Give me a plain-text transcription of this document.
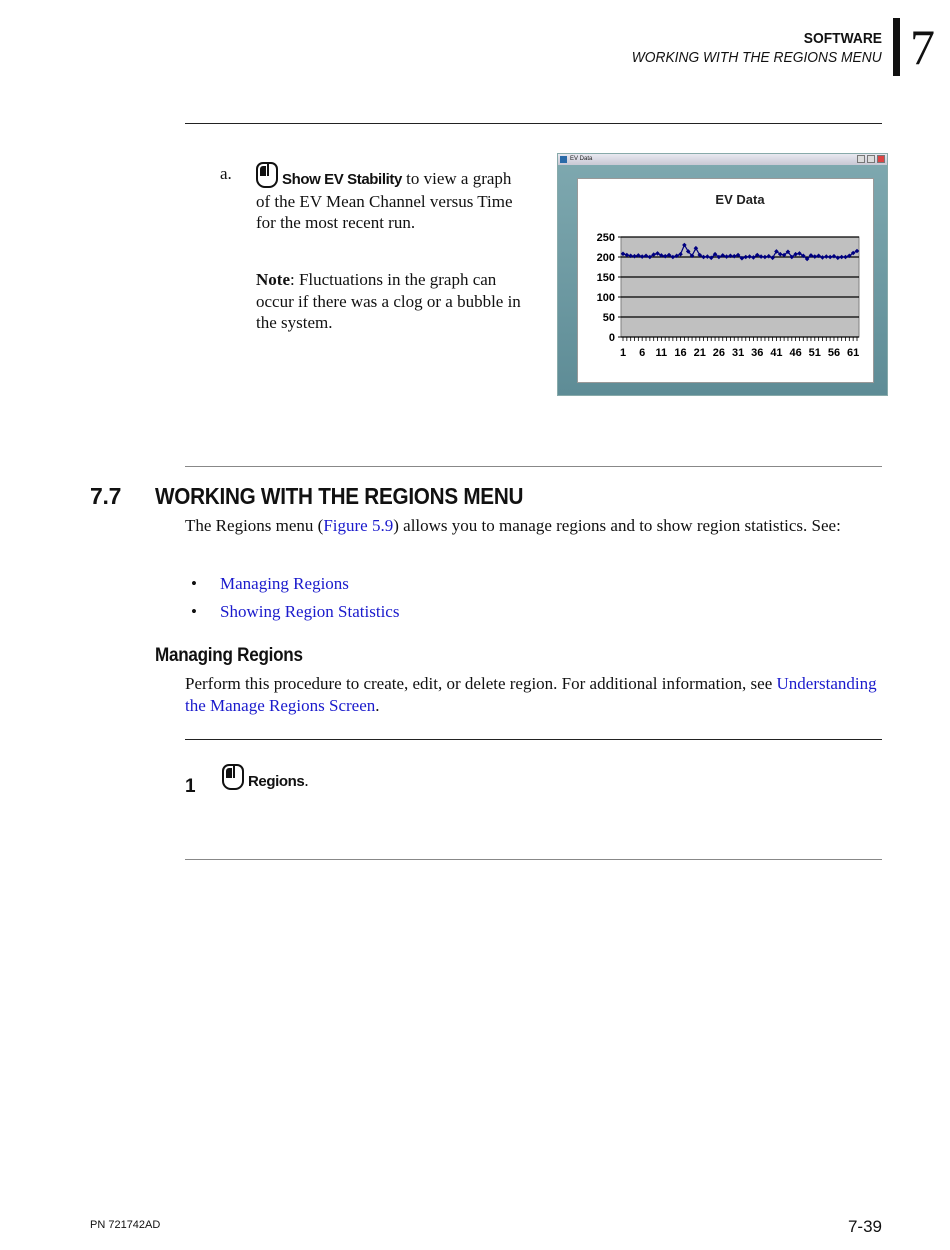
SOFTWARE
WORKING WITH THE REGIONS MENU 7
a.	Show EV Stability to view a graph of the EV Mean Channel versus Time for the most recent run.
Note: Fluctuations in the graph can occur if there was a clog or a bubble in the system.
EV Data
EV Data
0
50
100
150
200
250
1 6 11 16 21 26 31 36 41 46 51 56 61
7.7 WORKING WITH THE REGIONS MENU
The Regions menu (Figure 5.9) allows you to manage regions and to show region statistics. See:
• Managing Regions
• Showing Region Statistics
Managing Regions
Perform this procedure to create, edit, or delete region. For additional information, see Understanding the Manage Regions Screen.
1	Regions.
PN 721742AD	7-39
